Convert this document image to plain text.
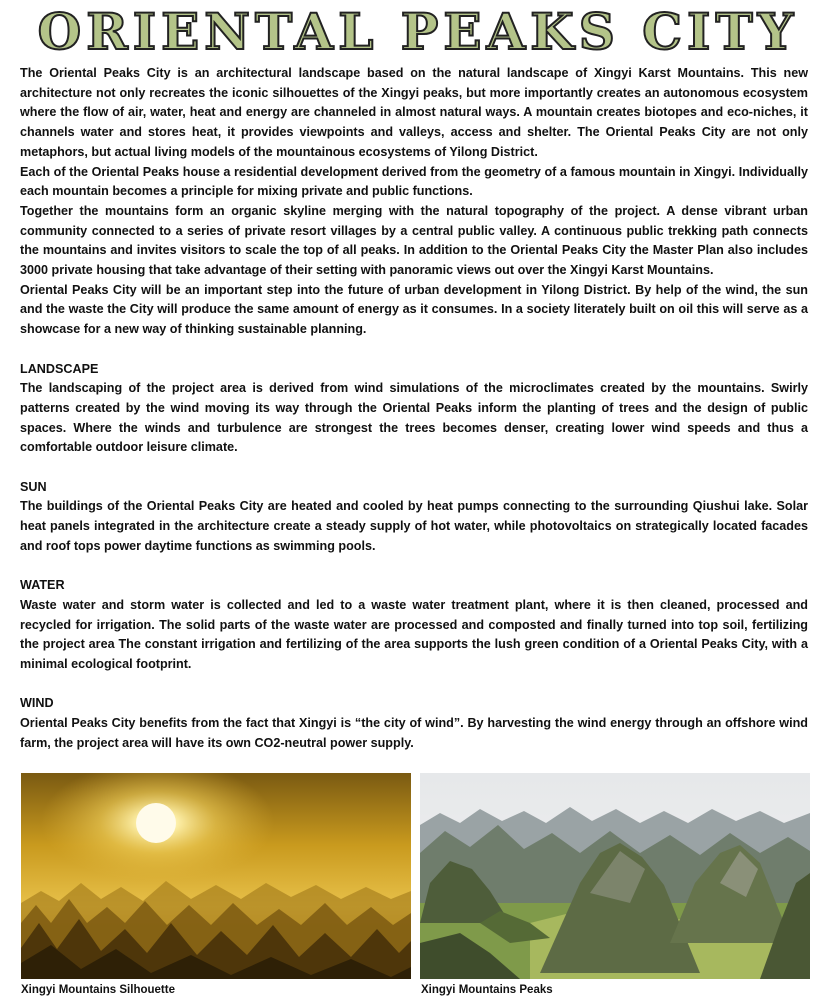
ORIENTAL PEAKS CITY

The Oriental Peaks City is an architectural landscape based on the natural landscape of Xingyi Karst Mountains. This new architecture not only recreates the iconic silhouettes of the Xingyi peaks, but more importantly creates an autonomous ecosystem where the flow of air, water, heat and energy are channeled in almost natural ways. A mountain creates biotopes and eco-niches, it channels water and stores heat, it provides viewpoints and valleys, access and shelter. The Oriental Peaks City are not only metaphors, but actual living models of the mountainous ecosystems of Yilong District.

Each of the Oriental Peaks house a residential development derived from the geometry of a famous mountain in Xingyi. Individually each mountain becomes a principle for mixing private and public functions.

Together the mountains form an organic skyline merging with the natural topography of the project. A dense vibrant urban community connected to a series of private resort villages by a central public valley. A continuous public trekking path connects the mountains and invites visitors to scale the top of all peaks. In addition to the Oriental Peaks City the Master Plan also includes 3000 private housing that take advantage of their setting with panoramic views out over the Xingyi Karst Mountains.

Oriental Peaks City will be an important step into the future of urban development in Yilong District. By help of the wind, the sun and the waste the City will produce the same amount of energy as it consumes. In a society literately built on oil this will serve as a showcase for a new way of thinking sustainable planning.

LANDSCAPE

The landscaping of the project area is derived from wind simulations of the microclimates created by the mountains. Swirly patterns created by the wind moving its way through the Oriental Peaks inform the planting of trees and the design of public spaces. Where the winds and turbulence are strongest the trees becomes denser, creating lower wind speeds and thus a comfortable outdoor leisure climate.

SUN

The buildings of the Oriental Peaks City are heated and cooled by heat pumps connecting to the surrounding Qiushui lake. Solar heat panels integrated in the architecture create a steady supply of hot water, while photovoltaics on strategically located facades and roof tops power daytime functions as swimming pools.

WATER

Waste water and storm water is collected and led to a waste water treatment plant, where it is then cleaned, processed and recycled for irrigation. The solid parts of the waste water are processed and composted and finally turned into top soil, fertilizing the project area The constant irrigation and fertilizing of the area supports the lush green condition of a Oriental Peaks City, with a minimal ecological footprint.

WIND

Oriental Peaks City benefits from the fact that Xingyi is “the city of wind”. By harvesting the wind energy through an offshore wind farm, the project area will have its own CO2-neutral power supply.

Xingyi Mountains Silhouette	Xingyi Mountains Peaks
